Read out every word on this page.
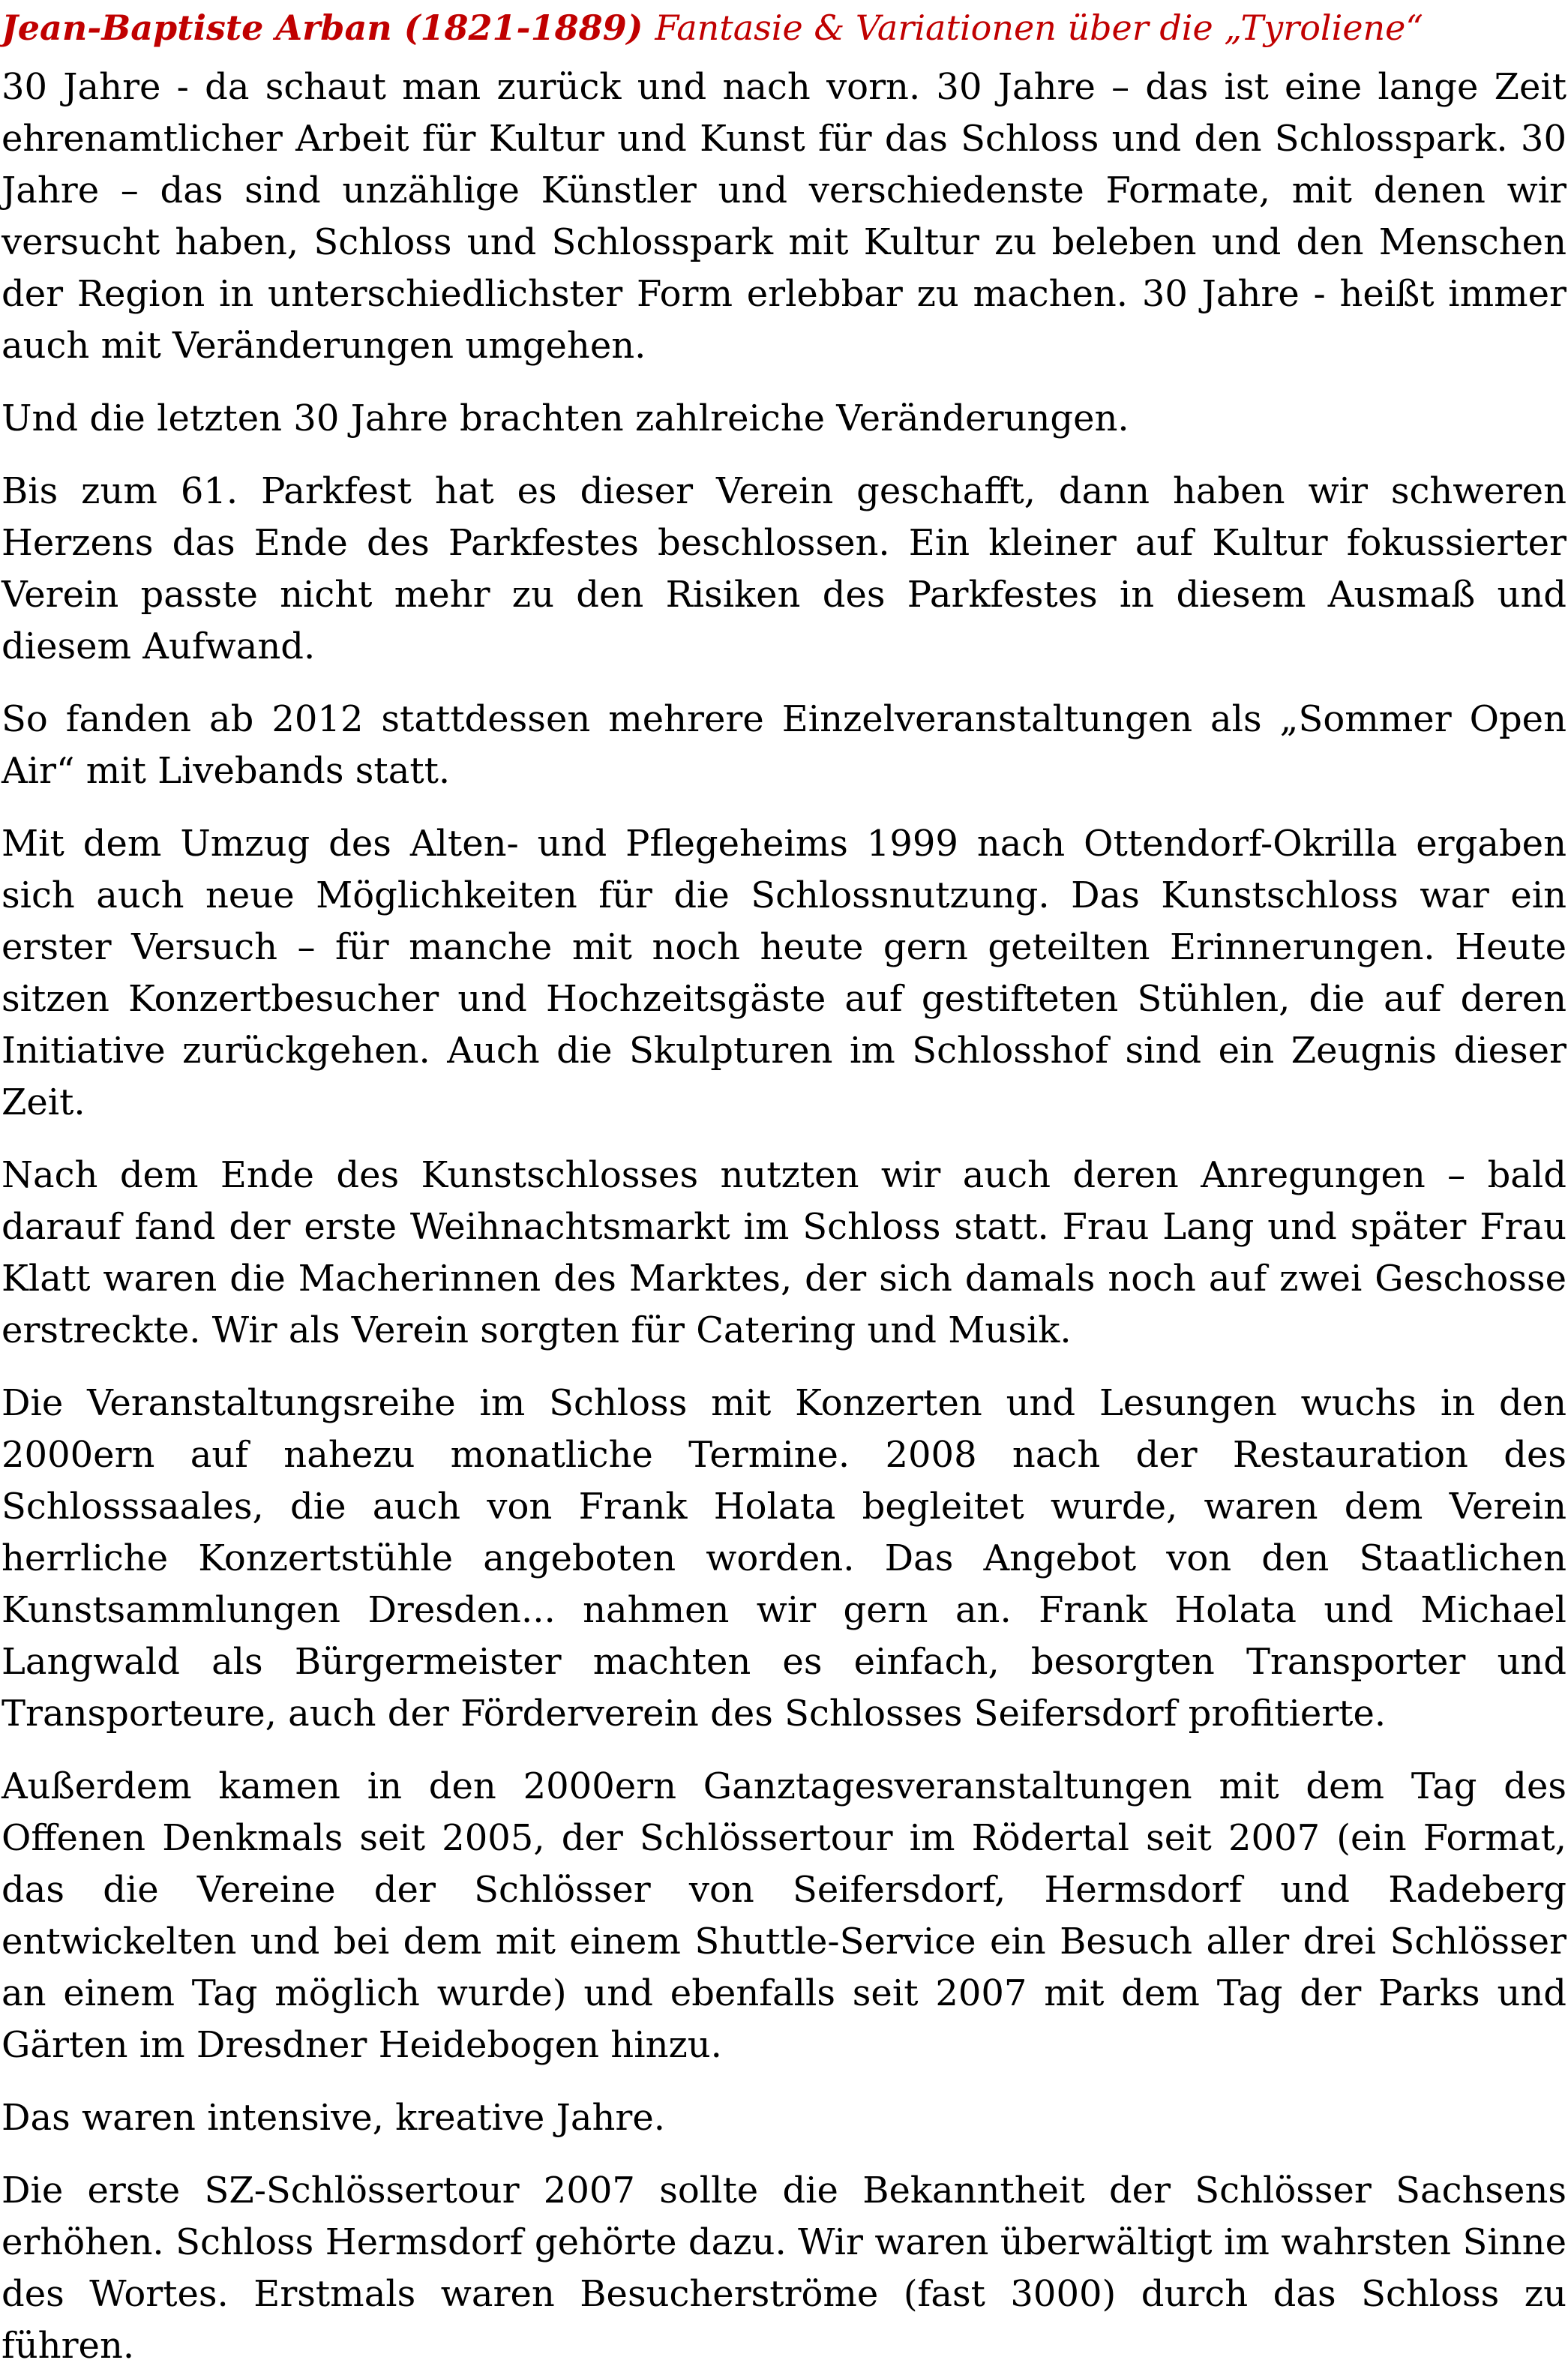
Jean-Baptiste Arban (1821-1889) Fantasie & Variationen über die „Tyroliene“

30 Jahre - da schaut man zurück und nach vorn. 30 Jahre – das ist eine lange Zeit ehrenamtlicher Arbeit für Kultur und Kunst für das Schloss und den Schlosspark. 30 Jahre – das sind unzählige Künstler und verschiedenste Formate, mit denen wir versucht haben, Schloss und Schlosspark mit Kultur zu beleben und den Menschen der Region in unterschiedlichster Form erlebbar zu machen. 30 Jahre - heißt immer auch mit Veränderungen umgehen.

Und die letzten 30 Jahre brachten zahlreiche Veränderungen.

Bis zum 61. Parkfest hat es dieser Verein geschafft, dann haben wir schweren Herzens das Ende des Parkfestes beschlossen. Ein kleiner auf Kultur fokussierter Verein passte nicht mehr zu den Risiken des Parkfestes in diesem Ausmaß und diesem Aufwand.

So fanden ab 2012 stattdessen mehrere Einzelveranstaltungen als „Sommer Open Air“ mit Livebands statt.

Mit dem Umzug des Alten- und Pflegeheims 1999 nach Ottendorf-Okrilla ergaben sich auch neue Möglichkeiten für die Schlossnutzung. Das Kunstschloss war ein erster Versuch – für manche mit noch heute gern geteilten Erinnerungen. Heute sitzen Konzertbesucher und Hochzeitsgäste auf gestifteten Stühlen, die auf deren Initiative zurückgehen. Auch die Skulpturen im Schlosshof sind ein Zeugnis dieser Zeit.

Nach dem Ende des Kunstschlosses nutzten wir auch deren Anregungen – bald darauf fand der erste Weihnachtsmarkt im Schloss statt. Frau Lang und später Frau Klatt waren die Macherinnen des Marktes, der sich damals noch auf zwei Geschosse erstreckte. Wir als Verein sorgten für Catering und Musik.

Die Veranstaltungsreihe im Schloss mit Konzerten und Lesungen wuchs in den 2000ern auf nahezu monatliche Termine. 2008 nach der Restauration des Schlosssaales, die auch von Frank Holata begleitet wurde, waren dem Verein herrliche Konzertstühle angeboten worden. Das Angebot von den Staatlichen Kunstsammlungen Dresden... nahmen wir gern an. Frank Holata und Michael Langwald als Bürgermeister machten es einfach, besorgten Transporter und Transporteure, auch der Förderverein des Schlosses Seifersdorf profitierte.

Außerdem kamen in den 2000ern Ganztagesveranstaltungen mit dem Tag des Offenen Denkmals seit 2005, der Schlössertour im Rödertal seit 2007 (ein Format, das die Vereine der Schlösser von Seifersdorf, Hermsdorf und Radeberg entwickelten und bei dem mit einem Shuttle-Service ein Besuch aller drei Schlösser an einem Tag möglich wurde) und ebenfalls seit 2007 mit dem Tag der Parks und Gärten im Dresdner Heidebogen hinzu.

Das waren intensive, kreative Jahre.

Die erste SZ-Schlössertour 2007 sollte die Bekanntheit der Schlösser Sachsens erhöhen. Schloss Hermsdorf gehörte dazu. Wir waren überwältigt im wahrsten Sinne des Wortes. Erstmals waren Besucherströme (fast 3000) durch das Schloss zu führen.
